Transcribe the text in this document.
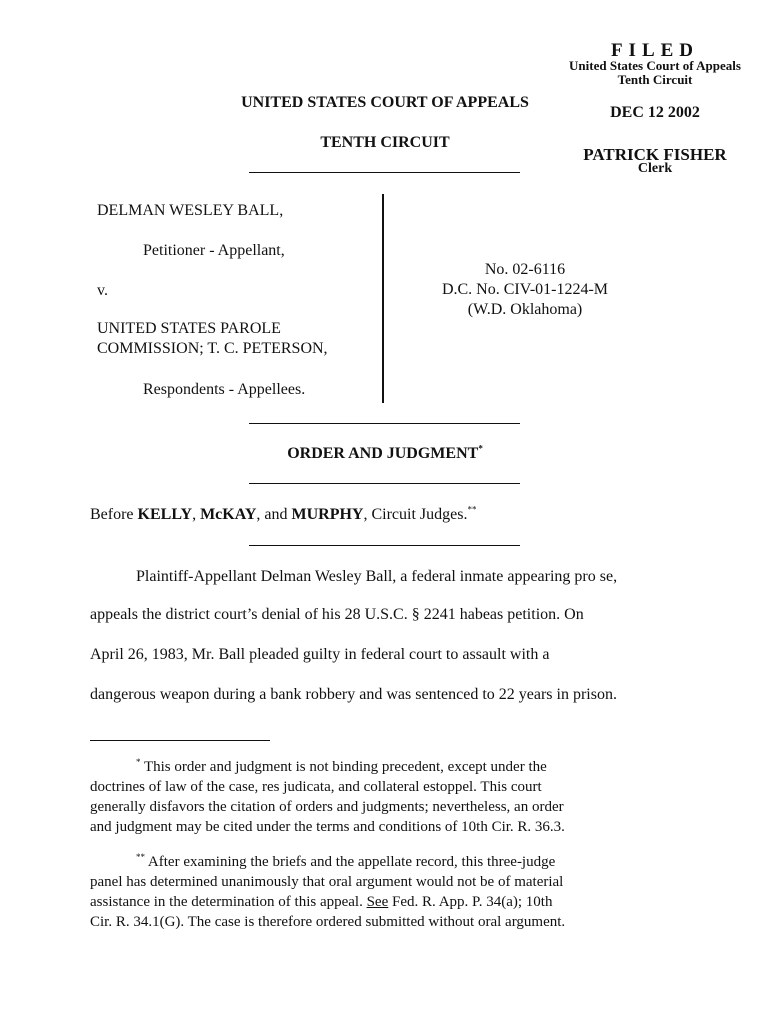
FILED
United States Court of Appeals
Tenth Circuit
DEC 12 2002
PATRICK FISHER
Clerk
UNITED STATES COURT OF APPEALS
TENTH CIRCUIT
DELMAN WESLEY BALL,
Petitioner - Appellant,
v.
UNITED STATES PAROLE
COMMISSION; T. C. PETERSON,
Respondents - Appellees.
No. 02-6116
D.C. No. CIV-01-1224-M
(W.D. Oklahoma)
ORDER AND JUDGMENT*
Before KELLY, McKAY, and MURPHY, Circuit Judges.**
Plaintiff-Appellant Delman Wesley Ball, a federal inmate appearing pro se,
appeals the district court’s denial of his 28 U.S.C. § 2241 habeas petition. On
April 26, 1983, Mr. Ball pleaded guilty in federal court to assault with a
dangerous weapon during a bank robbery and was sentenced to 22 years in prison.

* This order and judgment is not binding precedent, except under the

doctrines of law of the case, res judicata, and collateral estoppel. This court

generally disfavors the citation of orders and judgments; nevertheless, an order

and judgment may be cited under the terms and conditions of 10th Cir. R. 36.3.

** After examining the briefs and the appellate record, this three-judge

panel has determined unanimously that oral argument would not be of material

assistance in the determination of this appeal. See Fed. R. App. P. 34(a); 10th

Cir. R. 34.1(G). The case is therefore ordered submitted without oral argument.
